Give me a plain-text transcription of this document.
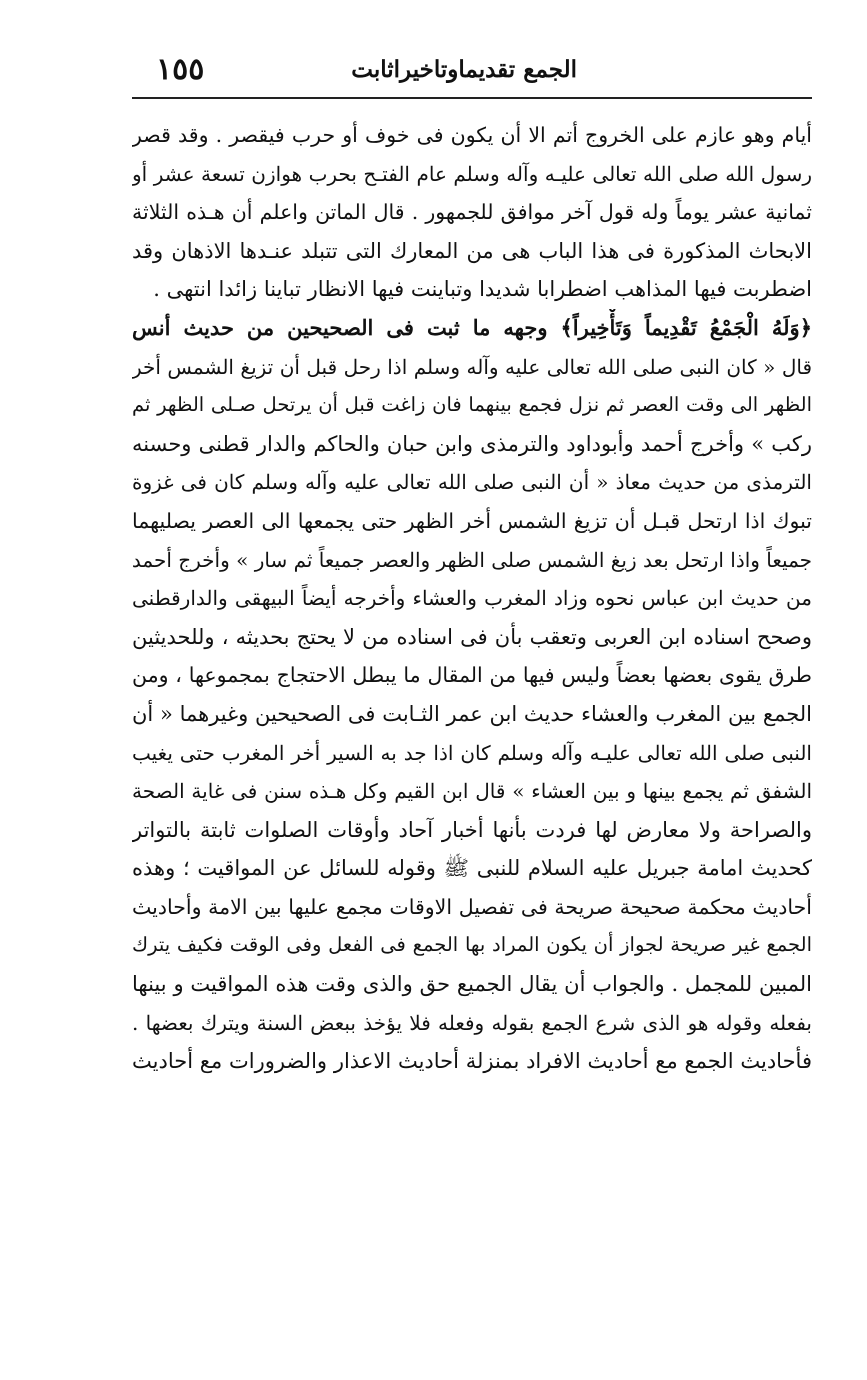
الجمع تقديماوتاخيراثابت
١٥٥
أيام وهو عازم على الخروج أتم الا أن يكون فى خوف أو حرب فيقصر . وقد قصر
رسول الله صلى الله تعالى عليـه وآله وسلم عام الفتـح بحرب هوازن تسعة عشر أو
ثمانية عشر يوماً وله قول آخر موافق للجمهور . قال الماتن واعلم أن هـذه الثلاثة
الابحاث المذكورة فى هذا الباب هى من المعارك التى تتبلد عنـدها الاذهان وقد
اضطربت فيها المذاهب اضطرابا شديدا وتباينت فيها الانظار تباينا زائدا انتهى .
﴿وَلَهُ الْجَمْعُ تَقْدِيماً وَتَأْخِيراً﴾ وجهه ما ثبت فى الصحيحين من حديث أنس
قال « كان النبى صلى الله تعالى عليه وآله وسلم اذا رحل قبل أن تزيغ الشمس أخر
الظهر الى وقت العصر ثم نزل فجمع بينهما فان زاغت قبل أن يرتحل صـلى الظهر ثم
ركب » وأخرج أحمد وأبوداود والترمذى وابن حبان والحاكم والدار قطنى وحسنه
الترمذى من حديث معاذ « أن النبى صلى الله تعالى عليه وآله وسلم كان فى غزوة
تبوك اذا ارتحل قبـل أن تزيغ الشمس أخر الظهر حتى يجمعها الى العصر يصليهما
جميعاً واذا ارتحل بعد زيغ الشمس صلى الظهر والعصر جميعاً ثم سار » وأخرج أحمد
من حديث ابن عباس نحوه وزاد المغرب والعشاء وأخرجه أيضاً البيهقى والدارقطنى
وصحح اسناده ابن العربى وتعقب بأن فى اسناده من لا يحتج بحديثه ، وللحديثين
طرق يقوى بعضها بعضاً وليس فيها من المقال ما يبطل الاحتجاج بمجموعها ، ومن
الجمع بين المغرب والعشاء حديث ابن عمر الثـابت فى الصحيحين وغيرهما « أن
النبى صلى الله تعالى عليـه وآله وسلم كان اذا جد به السير أخر المغرب حتى يغيب
الشفق ثم يجمع بينها و بين العشاء » قال ابن القيم وكل هـذه سنن فى غاية الصحة
والصراحة ولا معارض لها فردت بأنها أخبار آحاد وأوقات الصلوات ثابتة بالتواتر
كحديث امامة جبريل عليه السلام للنبى ﷺ وقوله للسائل عن المواقيت ؛ وهذه
أحاديث محكمة صحيحة صريحة فى تفصيل الاوقات مجمع عليها بين الامة وأحاديث
الجمع غير صريحة لجواز أن يكون المراد بها الجمع فى الفعل وفى الوقت فكيف يترك
المبين للمجمل . والجواب أن يقال الجميع حق والذى وقت هذه المواقيت و بينها
بفعله وقوله هو الذى شرع الجمع بقوله وفعله فلا يؤخذ ببعض السنة ويترك بعضها .
فأحاديث الجمع مع أحاديث الافراد بمنزلة أحاديث الاعذار والضرورات مع أحاديث
